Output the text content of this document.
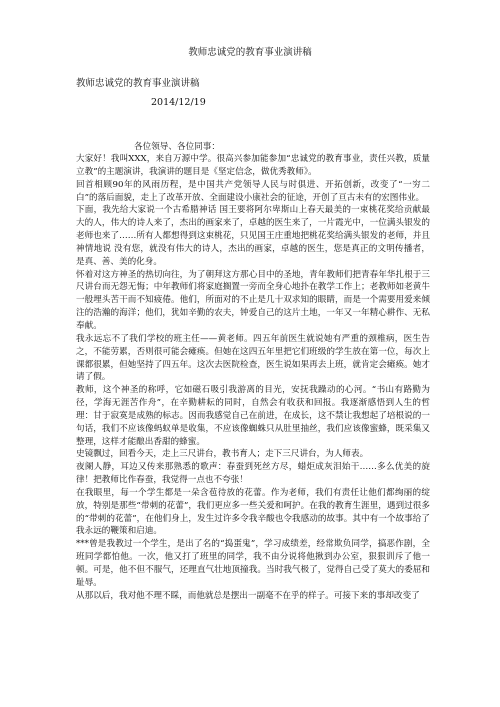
教师忠诚党的教育事业演讲稿
教师忠诚党的教育事业演讲稿
2014/12/19
各位领导、各位同事：

大家好！我叫XXX，来自万源中学。很高兴参加能参加“忠诚党的教育事业，责任兴教，质量立教”的主题演讲，我演讲的题目是《坚定信念，做优秀教师》。

回首相顾90年的风雨历程，是中国共产党领导人民与时俱进、开拓创新，改变了“一穷二白”的落后面貌，走上了改革开放、全面建设小康社会的征途，开创了亘古未有的宏图伟业。

下面，我先给大家说一个古希腊神话 国王要将阿尔卑斯山上春天最美的一束桃花奖给贡献最大的人，伟大的诗人来了，杰出的画家来了，卓越的医生来了，一片霞光中，一位满头银发的老师也来了……所有人都想得到这束桃花，只见国王庄重地把桃花奖给满头银发的老师，并且神情地说 没有您，就没有伟大的诗人，杰出的画家，卓越的医生，您是真正的文明传播者，是真、善、美的化身。

怀着对这方神圣的热切向往，为了朝拜这方那心目中的圣地，青年教师们把青春年华扎根于三尺讲台而无怨无悔；中年教师们将家庭搁置一旁而全身心地扑在教学工作上；老教师如老黄牛一般埋头苦干而不知疲倦。他们，所面对的不止是几十双求知的眼睛，而是一个需要用爱来倾注的浩瀚的海洋；他们，犹如辛勤的农夫，钟爱自己的这片土地，一年又一年精心耕作、无私奉献。

我永远忘不了我们学校的班主任——黄老师。四五年前医生就说她有严重的颈椎病，医生告之，不能劳累，否则很可能会瘫痪。但她在这四五年里把它们班级的学生放在第一位，每次上课都很累，但她坚持了四五年。这次去医院检查，医生说如果再去上班，就肯定会瘫痪。她才请了假。

教师，这个神圣的称呼，它如磁石吸引我游离的目光，安抚我躁动的心河。“书山有路勤为径，学海无涯苦作舟”，在辛勤耕耘的同时，自然会有收获和回报。我逐渐感悟到人生的哲理：甘于寂寞是成熟的标志。因而我感觉自己在前进，在成长，这不禁让我想起了培根说的一句话，我们不应该像蚂蚁单是收集，不应该像蜘蛛只从肚里抽丝，我们应该像蜜蜂，既采集又整理，这样才能酿出香甜的蜂蜜。

史镜飘过，回看今天，走上三尺讲台，教书育人；走下三尺讲台，为人师表。

夜阑人静，耳边又传来那熟悉的歌声：春蚕到死丝方尽，蜡炬成灰泪始干……多么优美的旋律！把教师比作春蚕，我觉得一点也不夸张！

在我眼里，每一个学生都是一朵含苞待放的花蕾。作为老师，我们有责任让他们都绚丽的绽放，特别是那些“带刺的花蕾”，我们更应多一些关爱和呵护。在我的教育生涯里，遇到过很多的“带刺的花蕾”，在他们身上，发生过许多令我辛酸也令我感动的故事。其中有一个故事给了我永远的鞭策和启迪。

***曾是我教过一个学生，是出了名的“捣蛋鬼”，学习成绩差，经常欺负同学，搞恶作剧，全班同学都怕他。一次，他又打了班里的同学，我不由分说将他揪到办公室，狠狠训斥了他一顿。可是，他不但不服气，还理直气壮地顶撞我。当时我气极了，觉得自己受了莫大的委屈和耻辱。

从那以后，我对他不理不睬，而他就总是摆出一副毫不在乎的样子。可接下来的事却改变了
